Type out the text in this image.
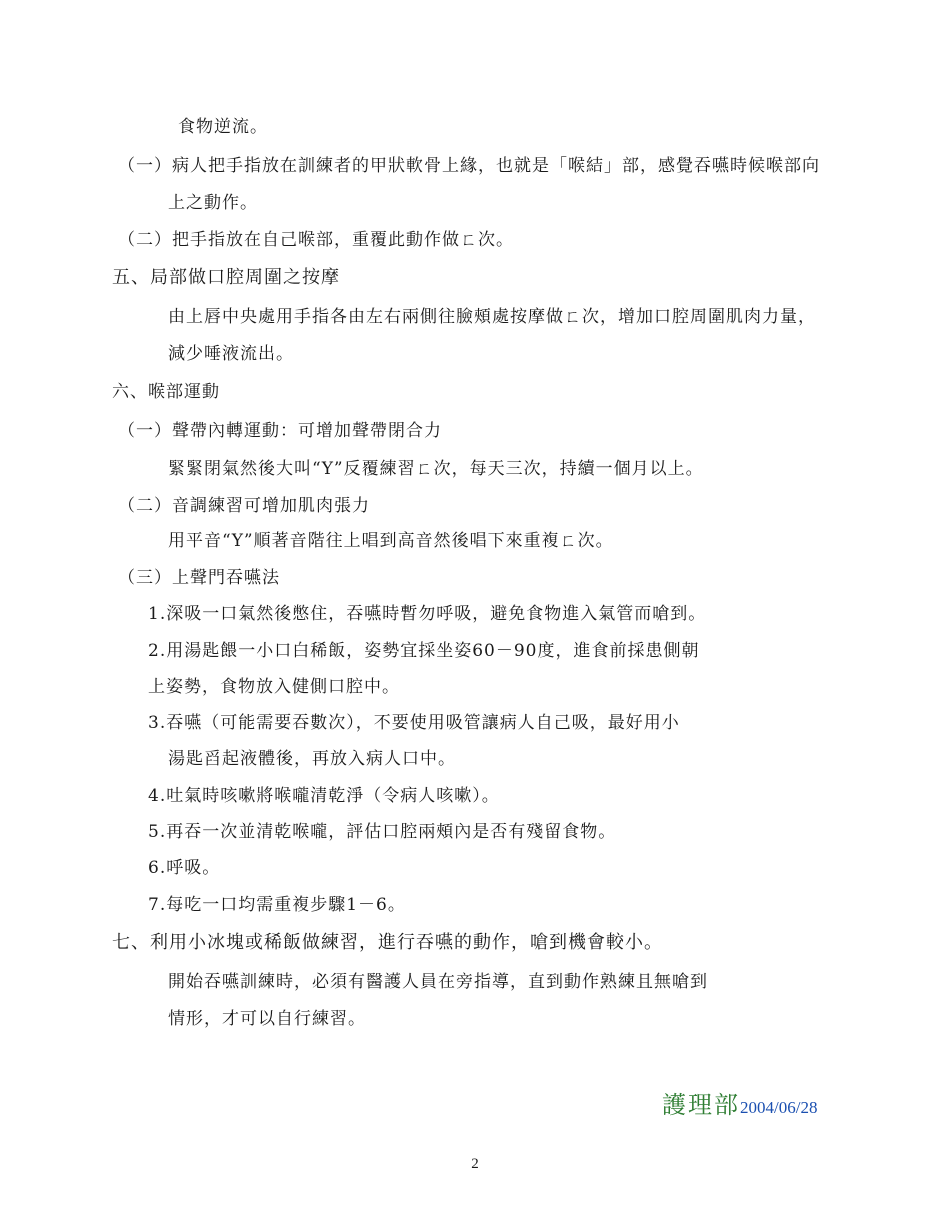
食物逆流。
（一）病人把手指放在訓練者的甲狀軟骨上緣，也就是「喉結」部，感覺吞嚥時候喉部向
上之動作。
（二）把手指放在自己喉部，重覆此動作做ㄈ次。
五、局部做口腔周圍之按摩
由上唇中央處用手指各由左右兩側往臉頰處按摩做ㄈ次，增加口腔周圍肌肉力量，
減少唾液流出。
六、喉部運動
（一）聲帶內轉運動：可增加聲帶閉合力
緊緊閉氣然後大叫“Y”反覆練習ㄈ次，每天三次，持續一個月以上。
（二）音調練習可增加肌肉張力
用平音“Y”順著音階往上唱到高音然後唱下來重複ㄈ次。
（三）上聲門吞嚥法
1.深吸一口氣然後憋住，吞嚥時暫勿呼吸，避免食物進入氣管而嗆到。
2.用湯匙餵一小口白稀飯，姿勢宜採坐姿60－90度，進食前採患側朝
上姿勢，食物放入健側口腔中。
3.吞嚥（可能需要吞數次），不要使用吸管讓病人自己吸，最好用小
湯匙舀起液體後，再放入病人口中。
4.吐氣時咳嗽將喉嚨清乾淨（令病人咳嗽）。
5.再吞一次並清乾喉嚨，評估口腔兩頰內是否有殘留食物。
6.呼吸。
7.每吃一口均需重複步驟1－6。
七、利用小冰塊或稀飯做練習，進行吞嚥的動作，嗆到機會較小。
開始吞嚥訓練時，必須有醫護人員在旁指導，直到動作熟練且無嗆到
情形，才可以自行練習。
護理部2004/06/28
2
